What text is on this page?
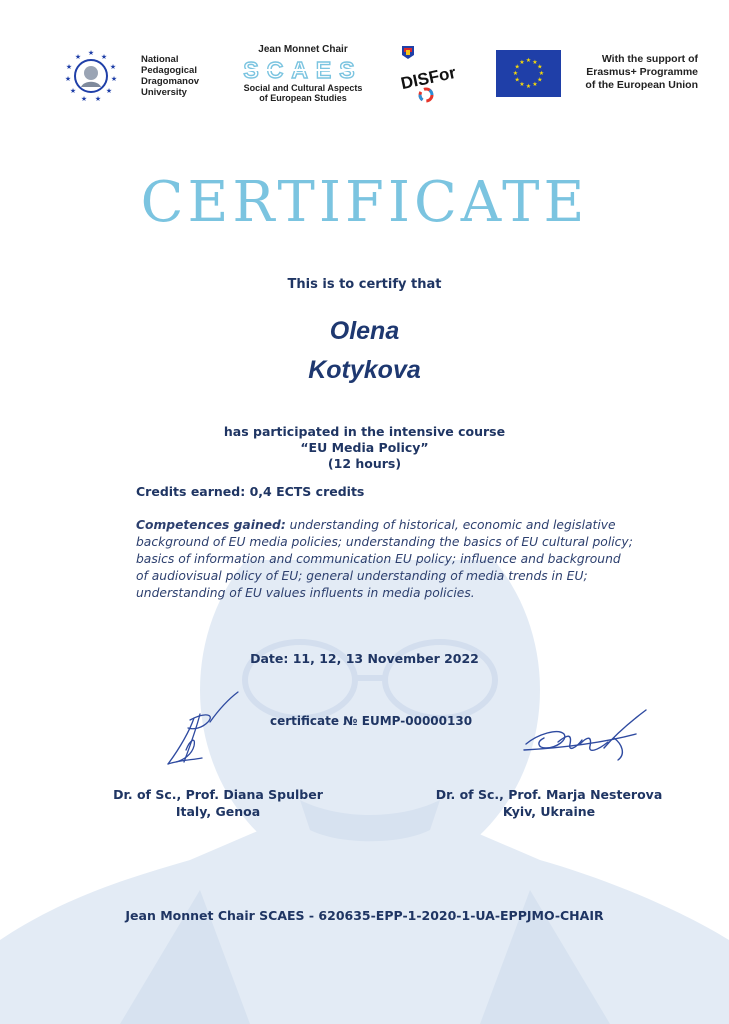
★ ★
★
★
★
★
★
★
★
★
★	National
Pedagogical
Dragomanov
University
Jean Monnet Chair
SCAES
Social and Cultural Aspects
of European Studies
DISFor
★ ★
★
★
★
★
★
★
★
★
★
★	With the support of
Erasmus+ Programme
of the European Union
CERTIFICATE
This is to certify that
Olena
Kotykova
has participated in the intensive course
“EU Media Policy”
(12 hours)
Credits earned: 0,4 ECTS credits
Competences gained: understanding of historical, economic and legislative background of EU media policies; understanding the basics of EU cultural policy; basics of information and communication EU policy; influence and background of audiovisual policy of EU; general understanding of media trends in EU; understanding of EU values influents in media policies.
Date: 11, 12, 13 November 2022
certificate № EUMP-00000130
Dr. of Sc., Prof. Diana Spulber
Italy, Genoa
Dr. of Sc., Prof. Marja Nesterova
Kyiv, Ukraine
Jean Monnet Chair SCAES - 620635-EPP-1-2020-1-UA-EPPJMO-CHAIR
